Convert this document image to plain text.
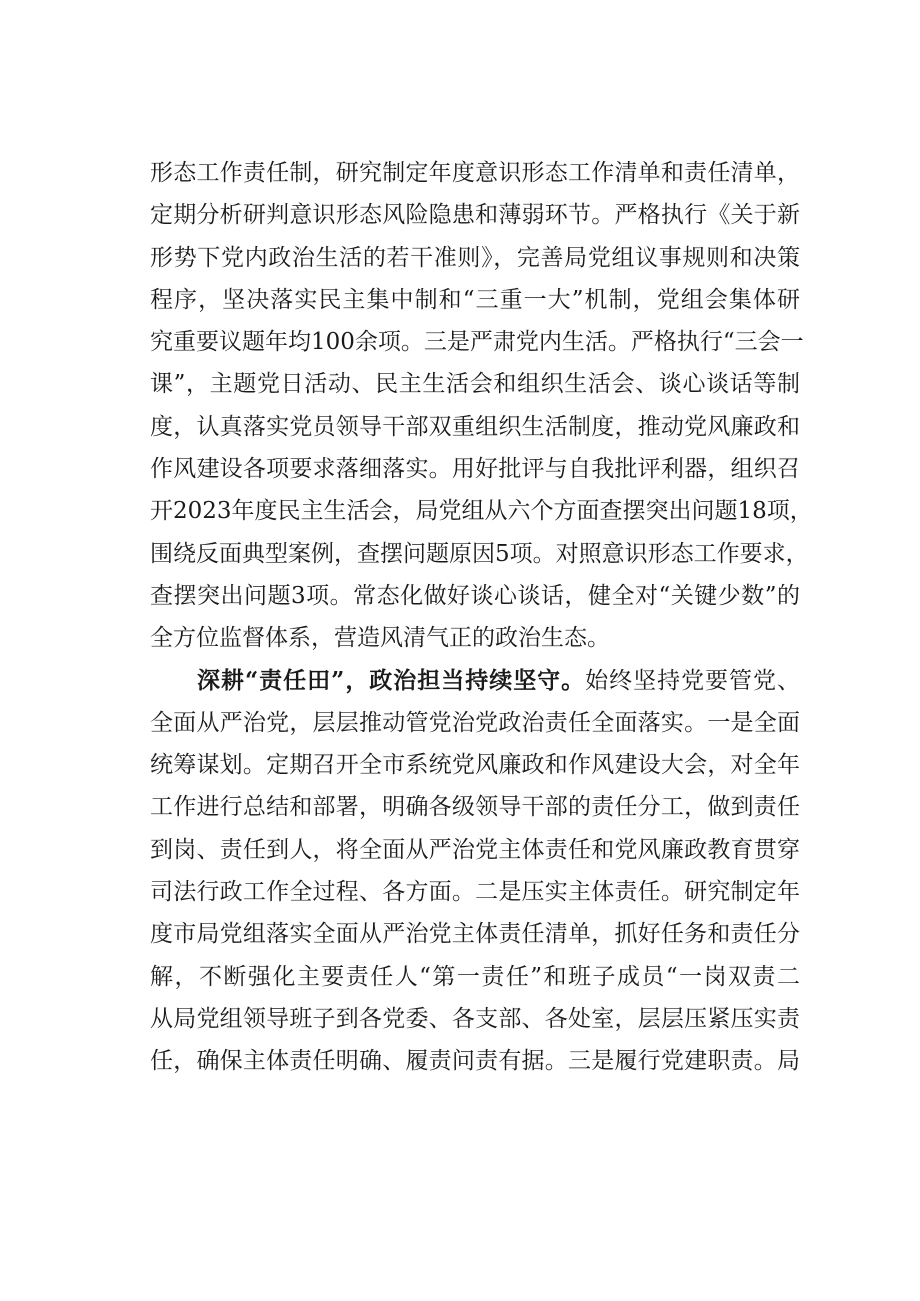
形态工作责任制，研究制定年度意识形态工作清单和责任清单，
定期分析研判意识形态风险隐患和薄弱环节。严格执行《关于新
形势下党内政治生活的若干准则》，完善局党组议事规则和决策
程序，坚决落实民主集中制和“三重一大”机制，党组会集体研
究重要议题年均100余项。三是严肃党内生活。严格执行“三会一
课”，主题党日活动、民主生活会和组织生活会、谈心谈话等制
度，认真落实党员领导干部双重组织生活制度，推动党风廉政和
作风建设各项要求落细落实。用好批评与自我批评利器，组织召
开2023年度民主生活会，局党组从六个方面查摆突出问题18项，
围绕反面典型案例，查摆问题原因5项。对照意识形态工作要求，
查摆突出问题3项。常态化做好谈心谈话，健全对“关键少数”的
全方位监督体系，营造风清气正的政治生态。
深耕“责任田”，政治担当持续坚守。始终坚持党要管党、
全面从严治党，层层推动管党治党政治责任全面落实。一是全面
统筹谋划。定期召开全市系统党风廉政和作风建设大会，对全年
工作进行总结和部署，明确各级领导干部的责任分工，做到责任
到岗、责任到人，将全面从严治党主体责任和党风廉政教育贯穿
司法行政工作全过程、各方面。二是压实主体责任。研究制定年
度市局党组落实全面从严治党主体责任清单，抓好任务和责任分
解，不断强化主要责任人“第一责任”和班子成员“一岗双责二
从局党组领导班子到各党委、各支部、各处室，层层压紧压实责
任，确保主体责任明确、履责问责有据。三是履行党建职责。局
